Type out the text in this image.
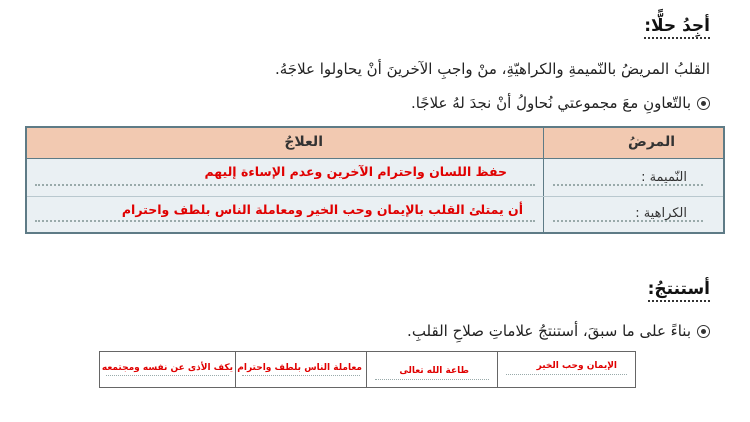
أجِدُ حلًّا:
القلبُ المريضُ بالنّميمةِ والكراهيّةِ، منْ واجبِ الآخرينَ أنْ يحاولوا علاجَهُ.
بالتّعاونِ معَ مجموعتي نُحاولُ أنْ نجدَ لهُ علاجًا.
المرضُ
العلاجُ
النّميمة :
حفظ اللسان واحترام الآخرين وعدم الإساءة إليهم
الكراهية :
أن يمتلئ القلب بالإيمان وحب الخير ومعاملة الناس بلطف واحترام
أستنتجُ:
بناءً على ما سبقَ، أستنتجُ علاماتِ صلاحِ القلبِ.
الإيمان وحب الخير
طاعة الله تعالى
معاملة الناس بلطف واحترام
يكف الأذى عن نفسه ومجتمعه
